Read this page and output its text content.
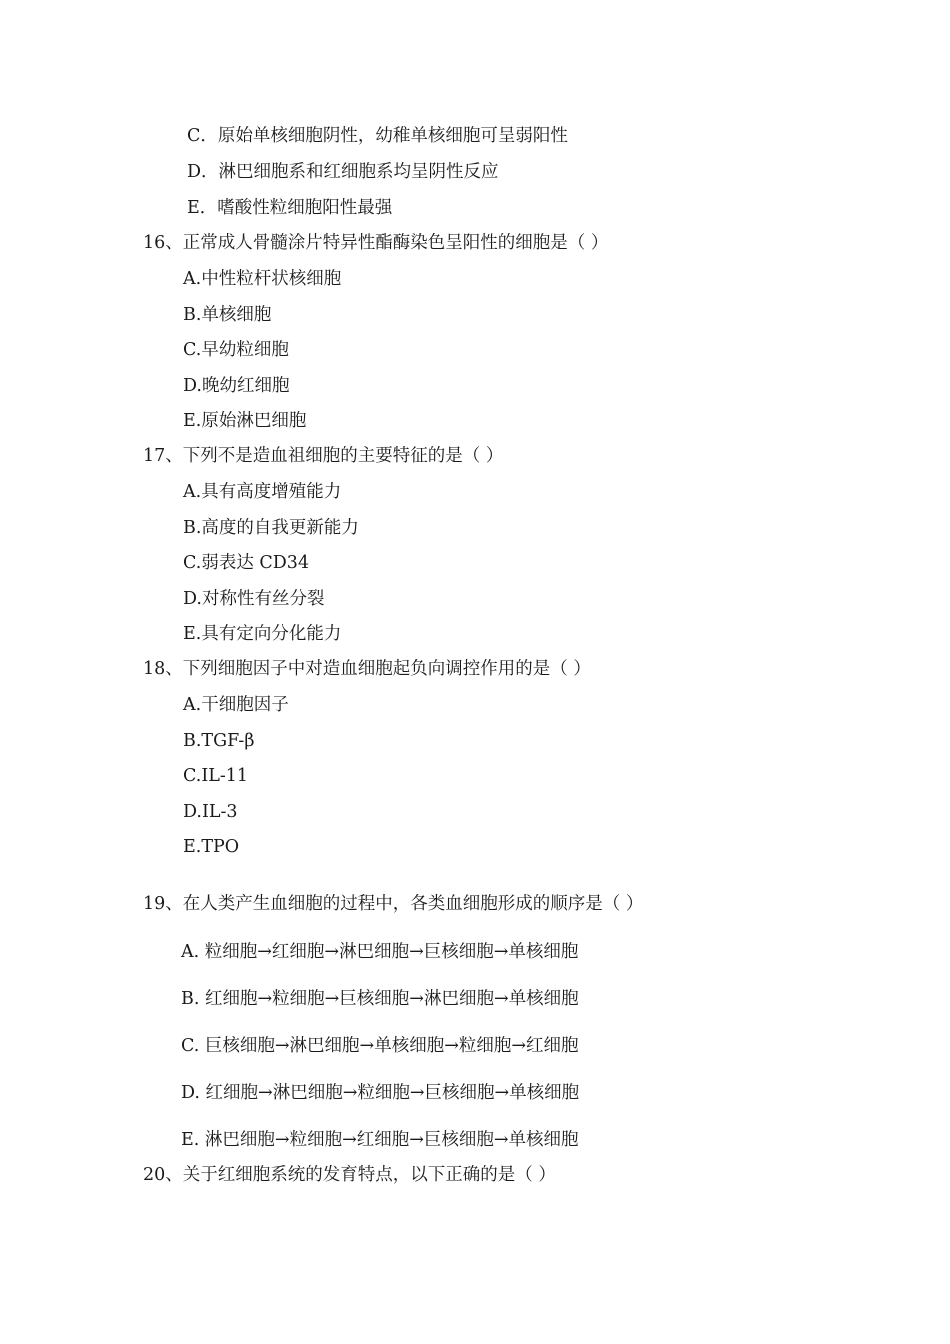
C．原始单核细胞阴性，幼稚单核细胞可呈弱阳性
D．淋巴细胞系和红细胞系均呈阴性反应
E．嗜酸性粒细胞阳性最强
16、正常成人骨髓涂片特异性酯酶染色呈阳性的细胞是（ ）
A.中性粒杆状核细胞
B.单核细胞
C.早幼粒细胞
D.晚幼红细胞
E.原始淋巴细胞
17、下列不是造血祖细胞的主要特征的是（ ）
A.具有高度增殖能力
B.高度的自我更新能力
C.弱表达 CD34
D.对称性有丝分裂
E.具有定向分化能力
18、下列细胞因子中对造血细胞起负向调控作用的是（ ）
A.干细胞因子
B.TGF-β
C.IL-11
D.IL-3
E.TPO
19、在人类产生血细胞的过程中，各类血细胞形成的顺序是（ ）
A. 粒细胞→红细胞→淋巴细胞→巨核细胞→单核细胞
B. 红细胞→粒细胞→巨核细胞→淋巴细胞→单核细胞
C. 巨核细胞→淋巴细胞→单核细胞→粒细胞→红细胞
D. 红细胞→淋巴细胞→粒细胞→巨核细胞→单核细胞
E. 淋巴细胞→粒细胞→红细胞→巨核细胞→单核细胞
20、关于红细胞系统的发育特点，以下正确的是（ ）
